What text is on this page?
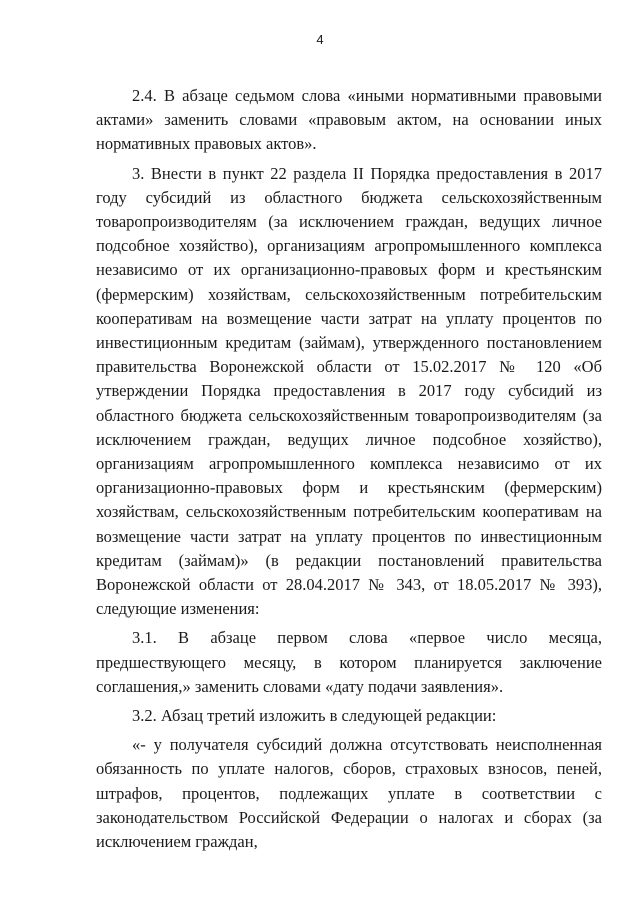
4

2.4. В абзаце седьмом слова «иными нормативными правовыми актами» заменить словами «правовым актом, на основании иных нормативных правовых актов».

3. Внести в пункт 22 раздела II Порядка предоставления в 2017 году субсидий из областного бюджета сельскохозяйственным товаропроизводителям (за исключением граждан, ведущих личное подсобное хозяйство), организациям агропромышленного комплекса независимо от их организационно-правовых форм и крестьянским (фермерским) хозяйствам, сельскохозяйственным потребительским кооперативам на возмещение части затрат на уплату процентов по инвестиционным кредитам (займам), утвержденного постановлением правительства Воронежской области от 15.02.2017 № 120 «Об утверждении Порядка предоставления в 2017 году субсидий из областного бюджета сельскохозяйственным товаропроизводителям (за исключением граждан, ведущих личное подсобное хозяйство), организациям агропромышленного комплекса независимо от их организационно-правовых форм и крестьянским (фермерским) хозяйствам, сельскохозяйственным потребительским кооперативам на возмещение части затрат на уплату процентов по инвестиционным кредитам (займам)» (в редакции постановлений правительства Воронежской области от 28.04.2017 № 343, от 18.05.2017 № 393), следующие изменения:

3.1. В абзаце первом слова «первое число месяца, предшествующего месяцу, в котором планируется заключение соглашения,» заменить словами «дату подачи заявления».

3.2. Абзац третий изложить в следующей редакции:

«- у получателя субсидий должна отсутствовать неисполненная обязанность по уплате налогов, сборов, страховых взносов, пеней, штрафов, процентов, подлежащих уплате в соответствии с законодательством Российской Федерации о налогах и сборах (за исключением граждан,
